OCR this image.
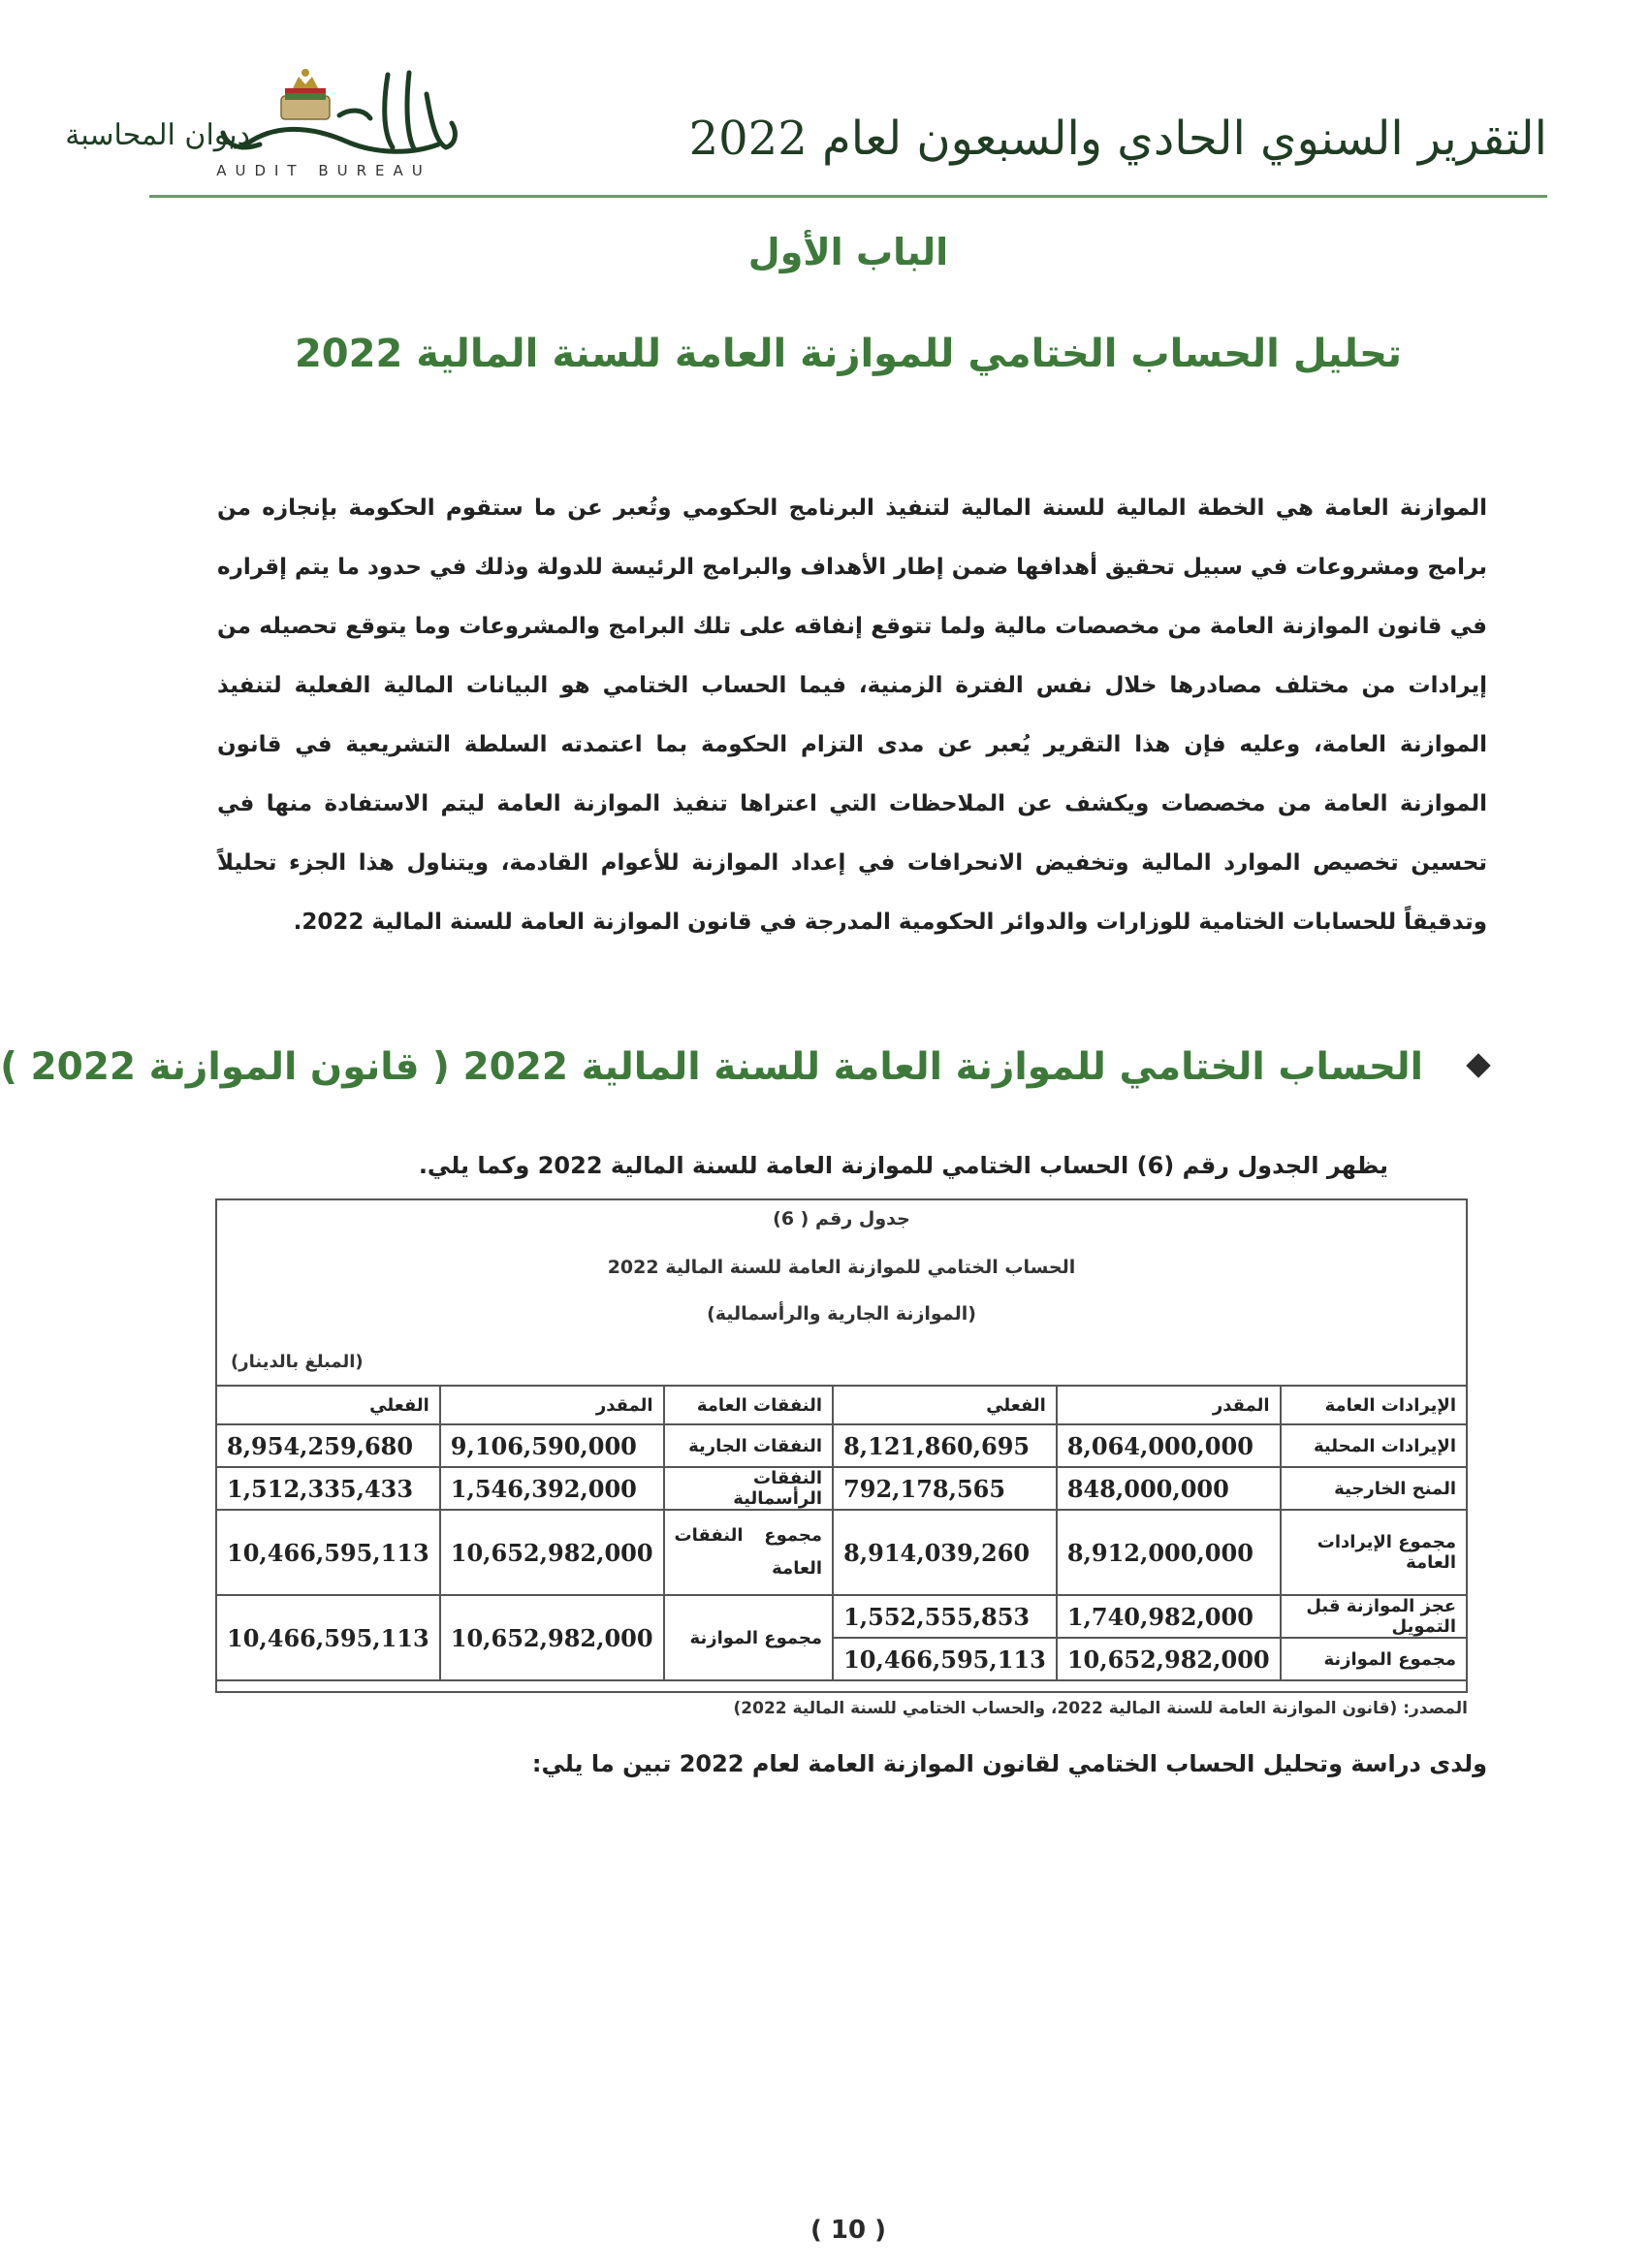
التقرير السنوي الحادي والسبعون لعام 2022
ديوان المحاسبة
AUDIT BUREAU
الباب الأول
تحليل الحساب الختامي للموازنة العامة للسنة المالية 2022
الموازنة العامة هي الخطة المالية للسنة المالية لتنفيذ البرنامج الحكومي وتُعبر عن ما ستقوم الحكومة بإنجازه من برامج ومشروعات في سبيل تحقيق أهدافها ضمن إطار الأهداف والبرامج الرئيسة للدولة وذلك في حدود ما يتم إقراره في قانون الموازنة العامة من مخصصات مالية ولما تتوقع إنفاقه على تلك البرامج والمشروعات وما يتوقع تحصيله من إيرادات من مختلف مصادرها خلال نفس الفترة الزمنية، فيما الحساب الختامي هو البيانات المالية الفعلية لتنفيذ الموازنة العامة، وعليه فإن هذا التقرير يُعبر عن مدى التزام الحكومة بما اعتمدته السلطة التشريعية في قانون الموازنة العامة من مخصصات ويكشف عن الملاحظات التي اعتراها تنفيذ الموازنة العامة ليتم الاستفادة منها في تحسين تخصيص الموارد المالية وتخفيض الانحرافات في إعداد الموازنة للأعوام القادمة، ويتناول هذا الجزء تحليلاً وتدقيقاً للحسابات الختامية للوزارات والدوائر الحكومية المدرجة في قانون الموازنة العامة للسنة المالية 2022.
الحساب الختامي للموازنة العامة للسنة المالية 2022 ( قانون الموازنة 2022 )
يظهر الجدول رقم (6) الحساب الختامي للموازنة العامة للسنة المالية 2022 وكما يلي.
جدول رقم ( 6)
الحساب الختامي للموازنة العامة للسنة المالية 2022
(الموازنة الجارية والرأسمالية)
(المبلغ بالدينار)
الإيرادات العامة	المقدر	الفعلي	النفقات العامة	المقدر	الفعلي
الإيرادات المحلية	8,064,000,000	8,121,860,695	النفقات الجارية	9,106,590,000	8,954,259,680
المنح الخارجية	848,000,000	792,178,565	النفقات الرأسمالية	1,546,392,000	1,512,335,433
مجموع الإيرادات العامة	8,912,000,000	8,914,039,260	مجموع النفقات العامة	10,652,982,000	10,466,595,113
عجز الموازنة قبل التمويل	1,740,982,000	1,552,555,853	مجموع الموازنة	10,652,982,000	10,466,595,113
مجموع الموازنة	10,652,982,000	10,466,595,113			
المصدر: (قانون الموازنة العامة للسنة المالية 2022، والحساب الختامي للسنة المالية 2022)
ولدى دراسة وتحليل الحساب الختامي لقانون الموازنة العامة لعام 2022 تبين ما يلي:
( 10 )
